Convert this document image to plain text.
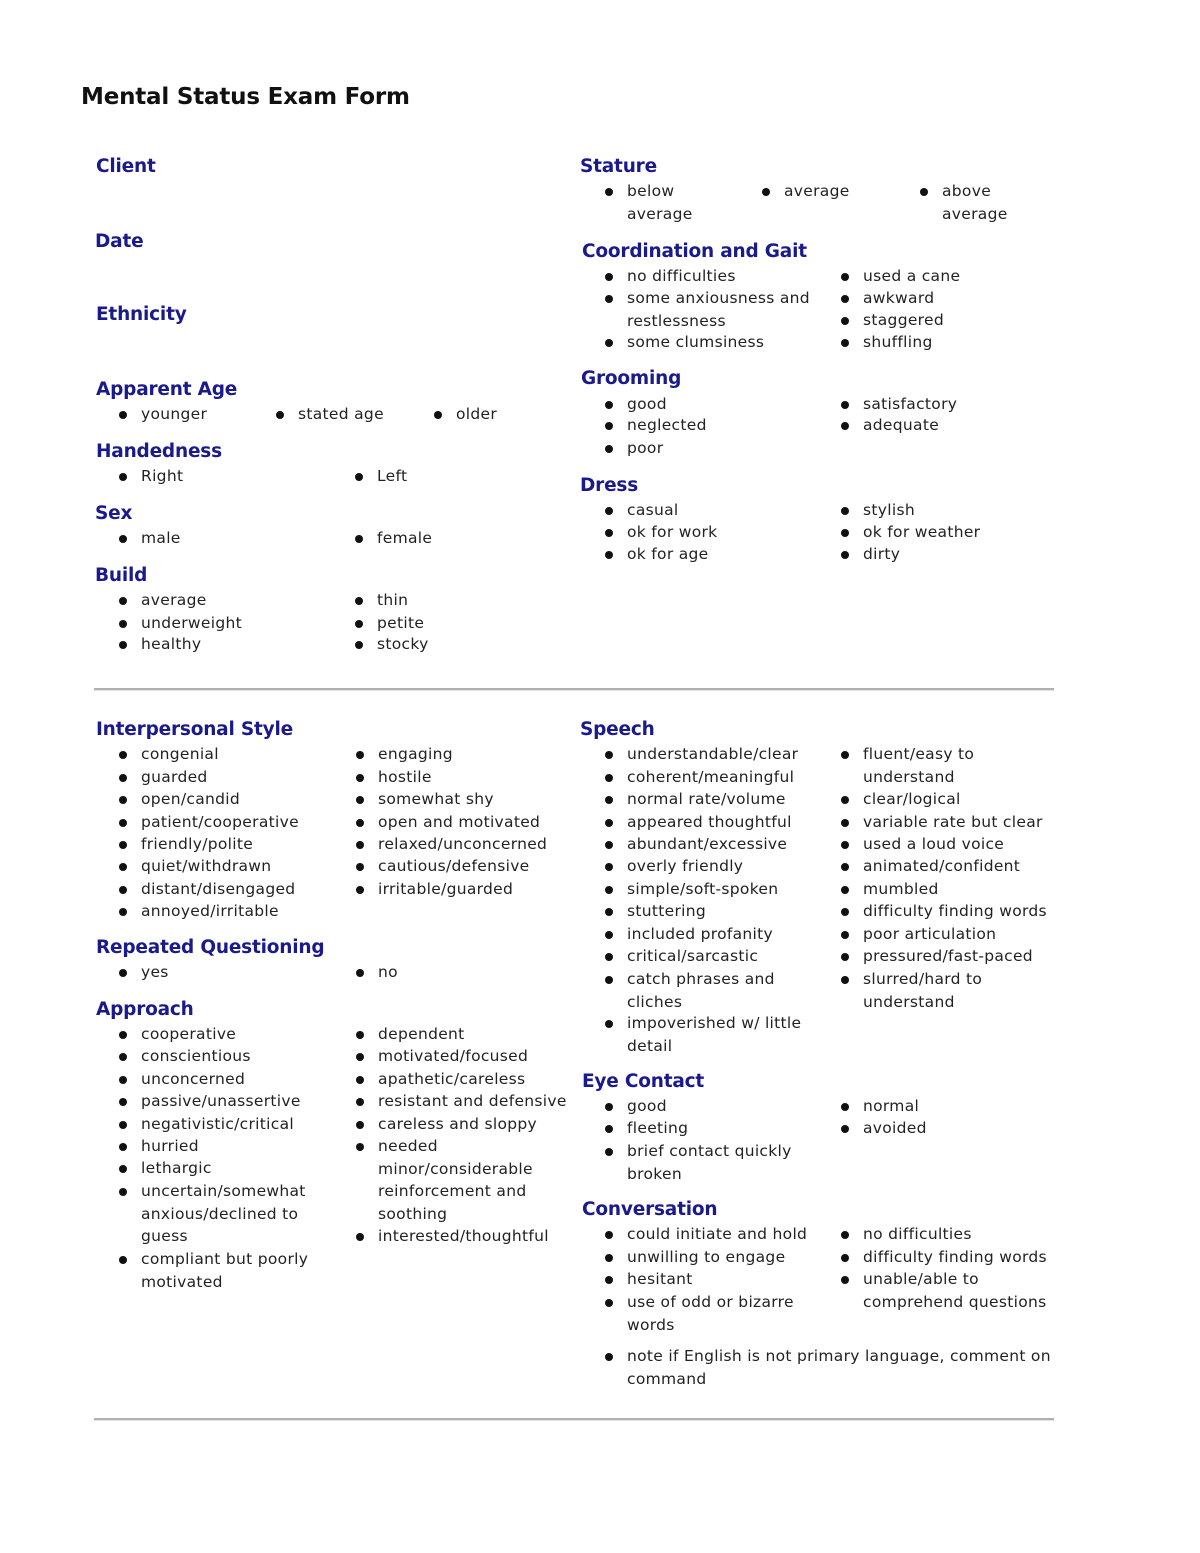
Mental Status Exam Form
Client
Date
Ethnicity
Apparent Age
younger	stated age	older
Handedness
Right	Left
Sex
male	female
Build
average
underweight
healthy
thin
petite
stocky
Stature
below average
average	above average
Coordination and Gait
no difficulties
some anxiousness and restlessness
some clumsiness
used a cane
awkward
staggered
shuffling
Grooming
good
neglected
poor
satisfactory
adequate
Dress
casual
ok for work
ok for age
stylish
ok for weather
dirty
Interpersonal Style
congenial
guarded
open/candid
patient/cooperative
friendly/polite
quiet/withdrawn
distant/disengaged
annoyed/irritable
engaging
hostile
somewhat shy
open and motivated
relaxed/unconcerned
cautious/defensive
irritable/guarded
Repeated Questioning
yes	no
Approach
cooperative
conscientious
unconcerned
passive/unassertive
negativistic/critical
hurried
lethargic
uncertain/somewhat anxious/declined to guess
compliant but poorly motivated
dependent
motivated/focused
apathetic/careless
resistant and defensive
careless and sloppy
needed minor/considerable reinforcement and soothing
interested/thoughtful
Speech
understandable/clear
coherent/meaningful
normal rate/volume
appeared thoughtful
abundant/excessive
overly friendly
simple/soft-spoken
stuttering
included profanity
critical/sarcastic
catch phrases and cliches
impoverished w/ little detail
fluent/easy to understand
clear/logical
variable rate but clear
used a loud voice
animated/confident
mumbled
difficulty finding words
poor articulation
pressured/fast-paced
slurred/hard to understand
Eye Contact
good
fleeting
brief contact quickly broken
normal
avoided
Conversation
could initiate and hold
unwilling to engage
hesitant
use of odd or bizarre words
no difficulties
difficulty finding words
unable/able to comprehend questions
note if English is not primary language, comment on command
